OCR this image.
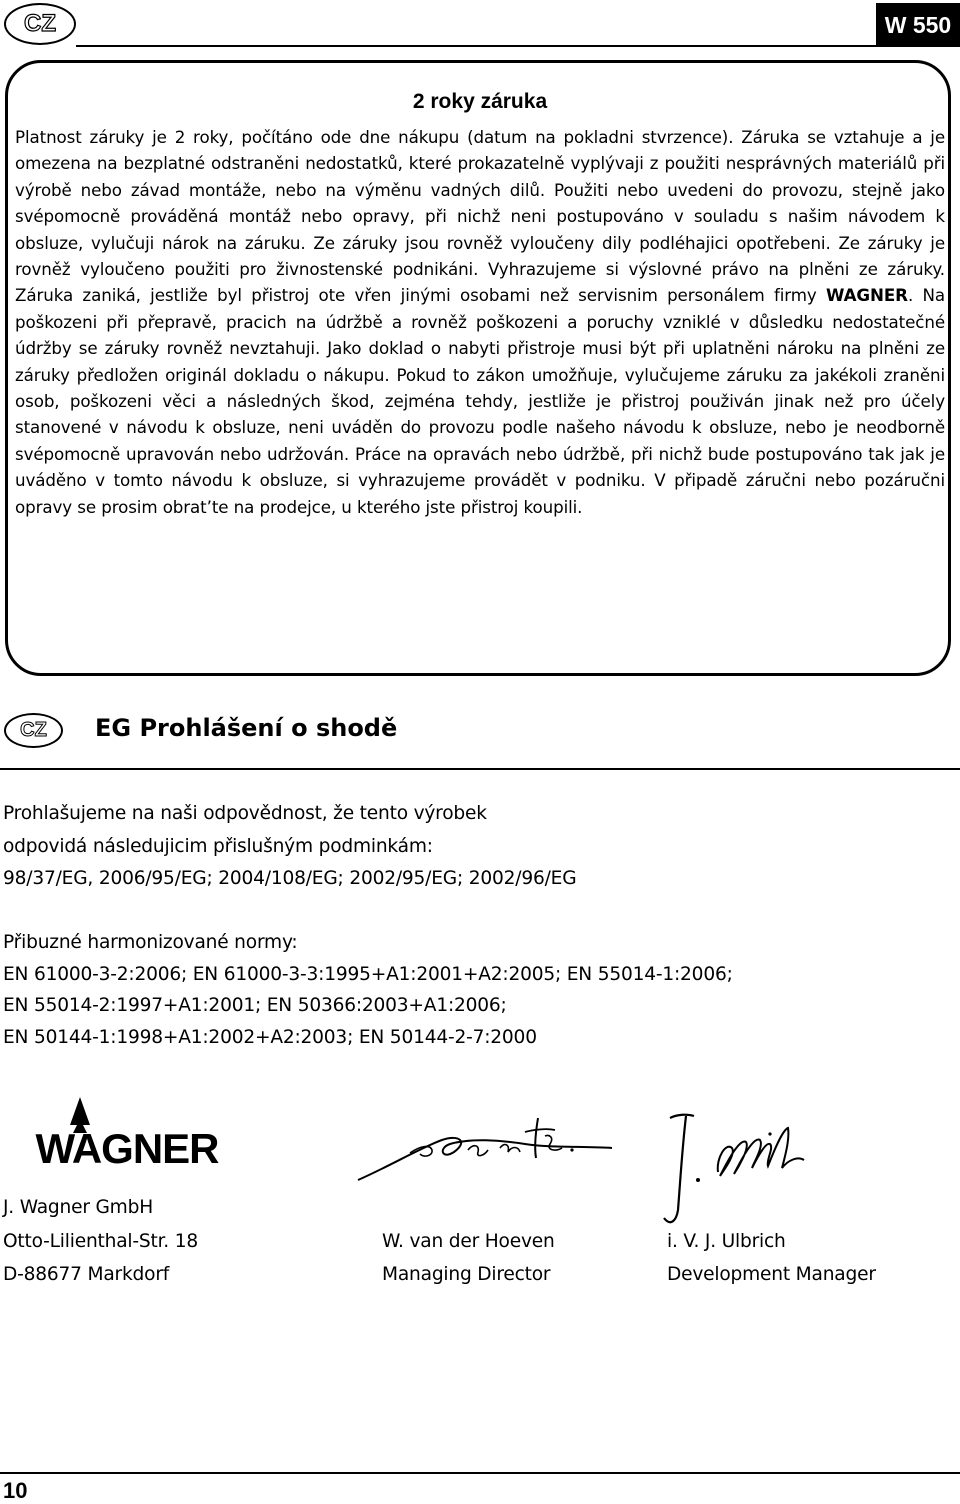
CZ	W 550
2 roky záruka

Platnost záruky je 2 roky, počítáno ode dne nákupu (datum na pokladni stvrzence). Záruka se vztahuje a je omezena na bezplatné odstraněni nedostatků, které prokazatelně vyplývaji z použiti nesprávných materiálů při výrobě nebo závad montáže, nebo na výměnu vadných dilů. Použiti nebo uvedeni do provozu, stejně jako svépomocně prováděná montáž nebo opravy, při nichž neni postupováno v souladu s našim návodem k obsluze, vylučuji nárok na záruku. Ze záruky jsou rovněž vyloučeny dily podléhajici opotřebeni. Ze záruky je rovněž vyloučeno použiti pro živnostenské podnikáni. Vyhrazujeme si výslovné právo na plněni ze záruky. Záruka zaniká, jestliže byl přistroj ote vřen jinými osobami než servisnim personálem firmy WAGNER. Na poškozeni při přepravě, pracich na údržbě a rovněž poškozeni a poruchy vzniklé v důsledku nedostatečné údržby se záruky rovněž nevztahuji. Jako doklad o nabyti přistroje musi být při uplatněni nároku na plněni ze záruky předložen originál dokladu o nákupu. Pokud to zákon umožňuje, vylučujeme záruku za jakékoli zraněni osob, poškozeni věci a následných škod, zejména tehdy, jestliže je přistroj použiván jinak než pro účely stanovené v návodu k obsluze, neni uváděn do provozu podle našeho návodu k obsluze, nebo je neodborně svépomocně upravován nebo udržován. Práce na opravách nebo údržbě, při nichž bude postupováno tak jak je uváděno v tomto návodu k obsluze, si vyhrazujeme provádět v podniku. V připadě záručni nebo pozáručni opravy se prosim obrat’te na prodejce, u kterého jste přistroj koupili.

CZ	EG Prohlášení o shodě
Prohlašujeme na naši odpovědnost, že tento výrobek
odpovidá následujicim přislušným podminkám:
98/37/EG, 2006/95/EG; 2004/108/EG; 2002/95/EG; 2002/96/EG
Přibuzné harmonizované normy:
EN 61000-3-2:2006; EN 61000-3-3:1995+A1:2001+A2:2005; EN 55014-1:2006;
EN 55014-2:1997+A1:2001; EN 50366:2003+A1:2006;
EN 50144-1:1998+A1:2002+A2:2003; EN 50144-2-7:2000
WAGNER
J. Wagner GmbH
Otto-Lilienthal-Str. 18
D-88677 Markdorf
W. van der Hoeven
Managing Director
i. V. J. Ulbrich
Development Manager
10
